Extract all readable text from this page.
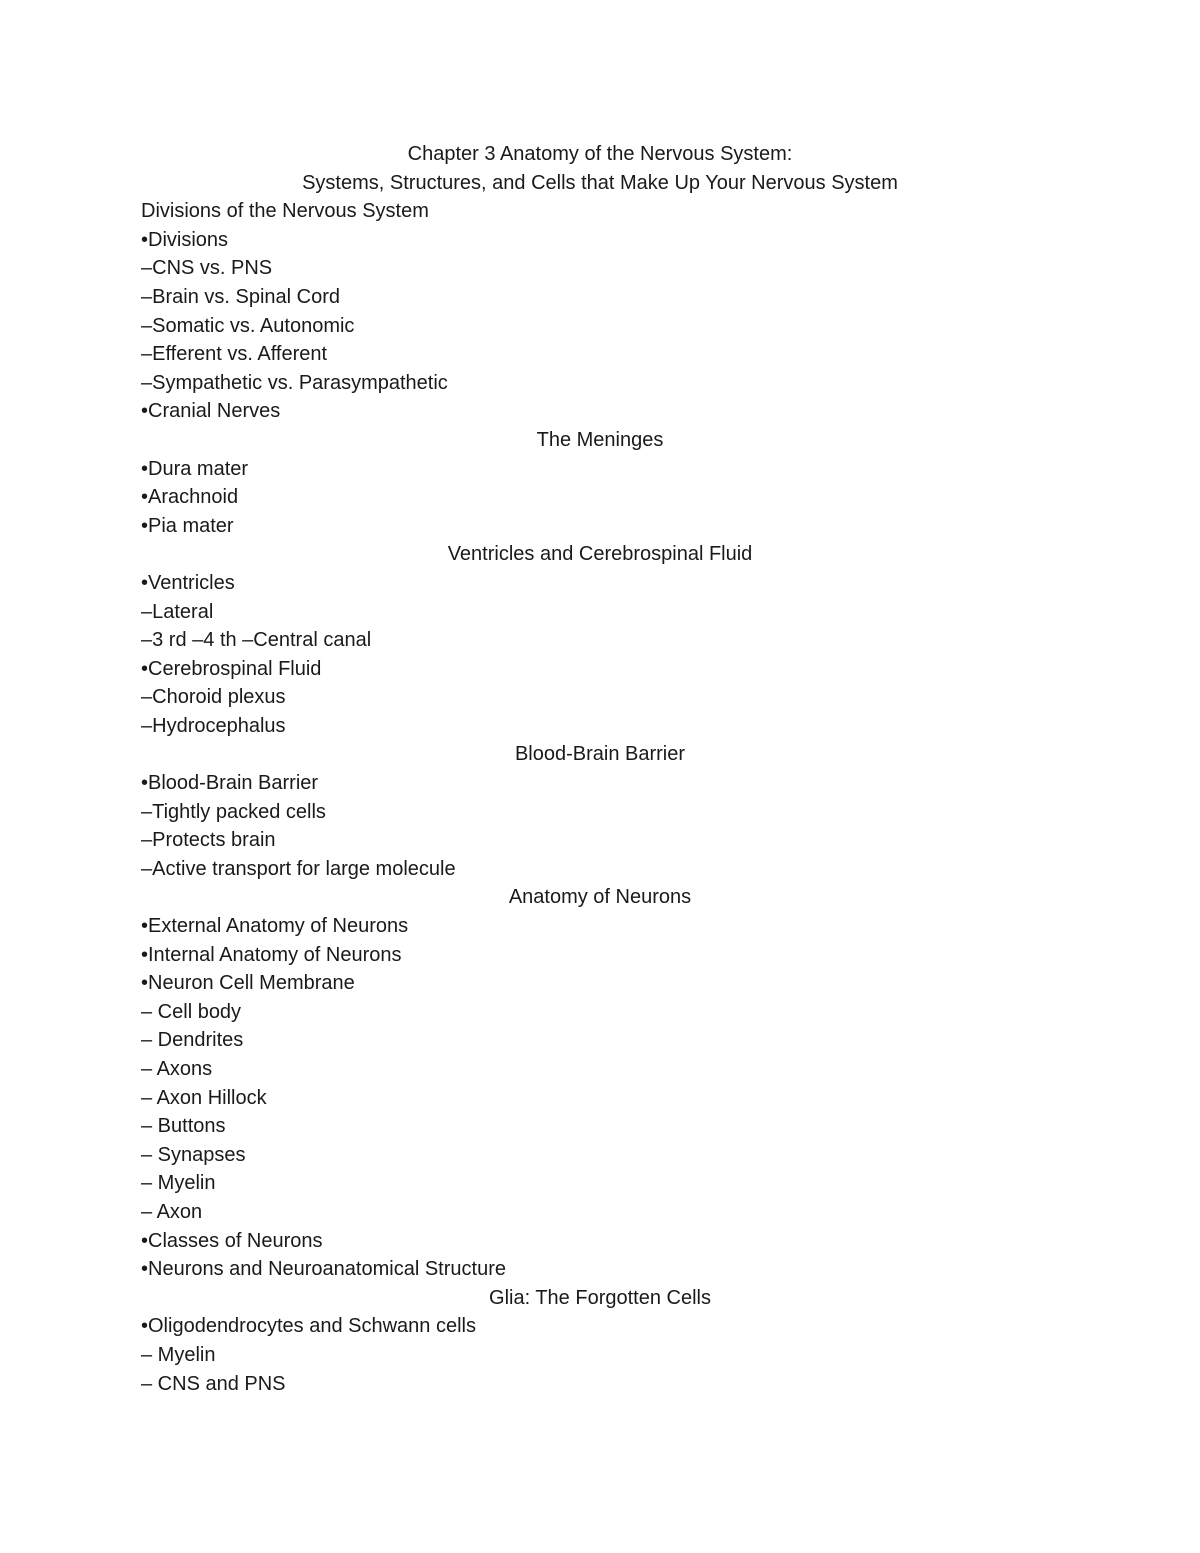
Chapter 3 Anatomy of the Nervous System:
Systems, Structures, and Cells that Make Up Your Nervous System
Divisions of the Nervous System
•Divisions
–CNS vs. PNS
–Brain vs. Spinal Cord
–Somatic vs. Autonomic
–Efferent vs. Afferent
–Sympathetic vs. Parasympathetic
•Cranial Nerves
The Meninges
•Dura mater
•Arachnoid
•Pia mater
Ventricles and Cerebrospinal Fluid
•Ventricles
–Lateral
–3 rd –4 th –Central canal
•Cerebrospinal Fluid
–Choroid plexus
–Hydrocephalus
Blood-Brain Barrier
•Blood-Brain Barrier
–Tightly packed cells
–Protects brain
–Active transport for large molecule
Anatomy of Neurons
•External Anatomy of Neurons
•Internal Anatomy of Neurons
•Neuron Cell Membrane
– Cell body
– Dendrites
– Axons
– Axon Hillock
– Buttons
– Synapses
– Myelin
– Axon
•Classes of Neurons
•Neurons and Neuroanatomical Structure
Glia: The Forgotten Cells
•Oligodendrocytes and Schwann cells
– Myelin
– CNS and PNS
